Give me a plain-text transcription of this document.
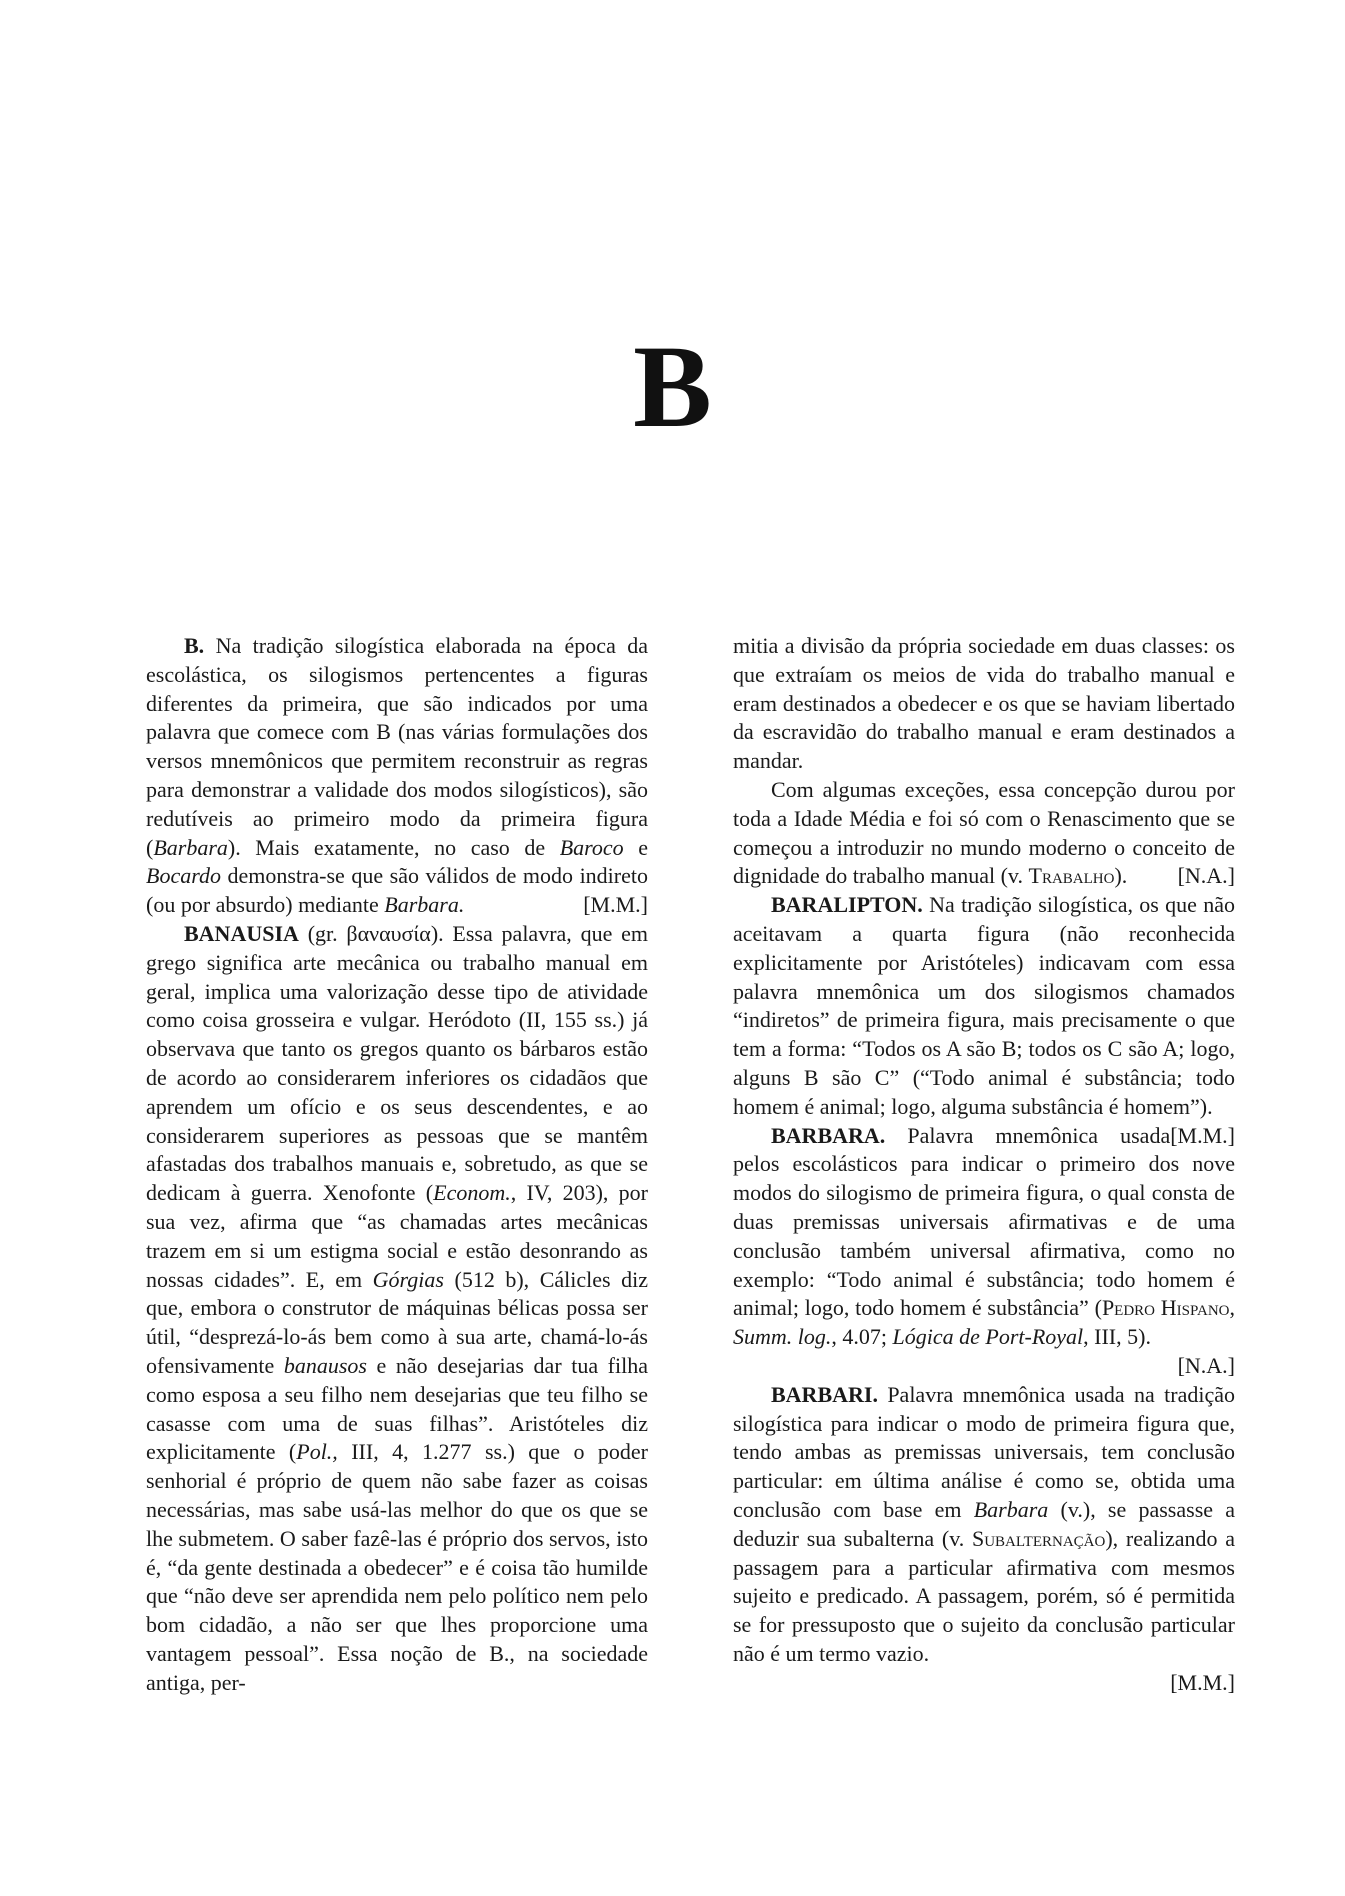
B

B. Na tradição silogística elaborada na época da escolástica, os silogismos pertencentes a figuras diferentes da primeira, que são indicados por uma palavra que comece com B (nas várias formulações dos versos mnemônicos que permitem reconstruir as regras para demonstrar a validade dos modos silogísticos), são redutíveis ao primeiro modo da primeira figura (Barbara). Mais exatamente, no caso de Baroco e Bocardo demonstra-se que são válidos de modo indireto (ou por absurdo) mediante Barbara.	[M.M.]

BANAUSIA (gr. βαναυσία). Essa palavra, que em grego significa arte mecânica ou trabalho manual em geral, implica uma valorização desse tipo de atividade como coisa grosseira e vulgar. Heródoto (II, 155 ss.) já observava que tanto os gregos quanto os bárbaros estão de acordo ao considerarem inferiores os cidadãos que aprendem um ofício e os seus descendentes, e ao considerarem superiores as pessoas que se mantêm afastadas dos trabalhos manuais e, sobretudo, as que se dedicam à guerra. Xenofonte (Econom., IV, 203), por sua vez, afirma que “as chamadas artes mecânicas trazem em si um estigma social e estão desonrando as nossas cidades”. E, em Górgias (512 b), Cálicles diz que, embora o construtor de máquinas bélicas possa ser útil, “desprezá-lo-ás bem como à sua arte, chamá-lo-ás ofensivamente banausos e não desejarias dar tua filha como esposa a seu filho nem desejarias que teu filho se casasse com uma de suas filhas”. Aristóteles diz explicitamente (Pol., III, 4, 1.277 ss.) que o poder senhorial é próprio de quem não sabe fazer as coisas necessárias, mas sabe usá-las melhor do que os que se lhe submetem. O saber fazê-las é próprio dos servos, isto é, “da gente destinada a obedecer” e é coisa tão humilde que “não deve ser aprendida nem pelo político nem pelo bom cidadão, a não ser que lhes proporcione uma vantagem pessoal”. Essa noção de B., na sociedade antiga, per-

mitia a divisão da própria sociedade em duas classes: os que extraíam os meios de vida do trabalho manual e eram destinados a obedecer e os que se haviam libertado da escravidão do trabalho manual e eram destinados a mandar.

Com algumas exceções, essa concepção durou por toda a Idade Média e foi só com o Renascimento que se começou a introduzir no mundo moderno o conceito de dignidade do trabalho manual (v. Trabalho). [N.A.]

BARALIPTON. Na tradição silogística, os que não aceitavam a quarta figura (não reconhecida explicitamente por Aristóteles) indicavam com essa palavra mnemônica um dos silogismos chamados “indiretos” de primeira figura, mais precisamente o que tem a forma: “Todos os A são B; todos os C são A; logo, alguns B são C” (“Todo animal é substância; todo homem é animal; logo, alguma substância é homem”).
[M.M.]

BARBARA. Palavra mnemônica usada pelos escolásticos para indicar o primeiro dos nove modos do silogismo de primeira figura, o qual consta de duas premissas universais afirmativas e de uma conclusão também universal afirmativa, como no exemplo: “Todo animal é substância; todo homem é animal; logo, todo homem é substância” (Pedro Hispano, Summ. log., 4.07; Lógica de Port-Royal, III, 5).

[N.A.]

BARBARI. Palavra mnemônica usada na tradição silogística para indicar o modo de primeira figura que, tendo ambas as premissas universais, tem conclusão particular: em última análise é como se, obtida uma conclusão com base em Barbara (v.), se passasse a deduzir sua subalterna (v. Subalternação), realizando a passagem para a particular afirmativa com mesmos sujeito e predicado. A passagem, porém, só é permitida se for pressuposto que o sujeito da conclusão particular não é um termo vazio.

[M.M.]
